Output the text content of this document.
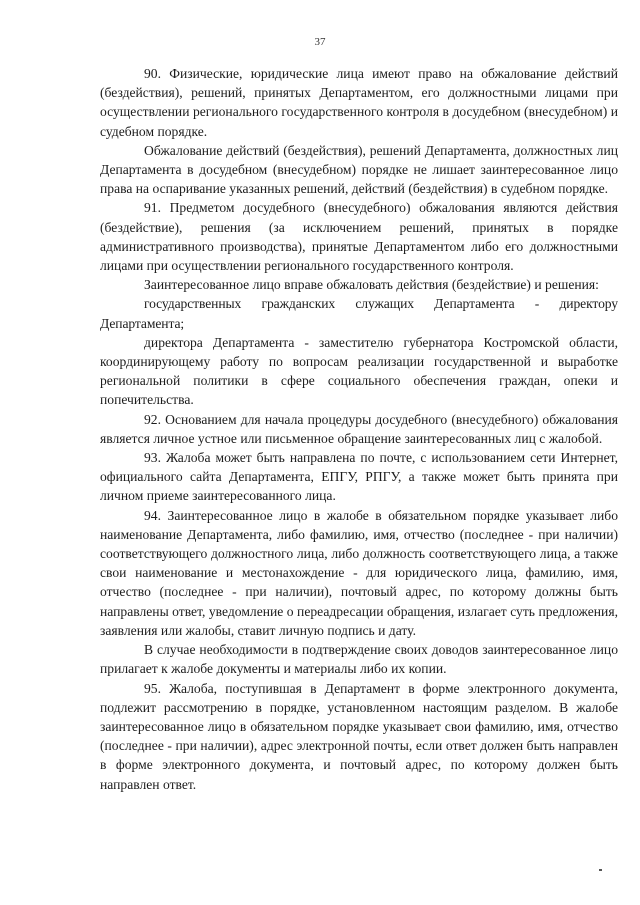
37

90. Физические, юридические лица имеют право на обжалование действий (бездействия), решений, принятых Департаментом, его должностными лицами при осуществлении регионального государственного контроля в досудебном (внесудебном) и судебном порядке.

Обжалование действий (бездействия), решений Департамента, должностных лиц Департамента в досудебном (внесудебном) порядке не лишает заинтересованное лицо права на оспаривание указанных решений, действий (бездействия) в судебном порядке.

91. Предметом досудебного (внесудебного) обжалования являются действия (бездействие), решения (за исключением решений, принятых в порядке административного производства), принятые Департаментом либо его должностными лицами при осуществлении регионального государственного контроля.

Заинтересованное лицо вправе обжаловать действия (бездействие) и решения:

государственных гражданских служащих Департамента - директору Департамента;

директора Департамента - заместителю губернатора Костромской области, координирующему работу по вопросам реализации государственной и выработке региональной политики в сфере социального обеспечения граждан, опеки и попечительства.

92. Основанием для начала процедуры досудебного (внесудебного) обжалования является личное устное или письменное обращение заинтересованных лиц с жалобой.

93. Жалоба может быть направлена по почте, с использованием сети Интернет, официального сайта Департамента, ЕПГУ, РПГУ, а также может быть принята при личном приеме заинтересованного лица.

94. Заинтересованное лицо в жалобе в обязательном порядке указывает либо наименование Департамента, либо фамилию, имя, отчество (последнее - при наличии) соответствующего должностного лица, либо должность соответствующего лица, а также свои наименование и местонахождение - для юридического лица, фамилию, имя, отчество (последнее - при наличии), почтовый адрес, по которому должны быть направлены ответ, уведомление о переадресации обращения, излагает суть предложения, заявления или жалобы, ставит личную подпись и дату.

В случае необходимости в подтверждение своих доводов заинтересованное лицо прилагает к жалобе документы и материалы либо их копии.

95. Жалоба, поступившая в Департамент в форме электронного документа, подлежит рассмотрению в порядке, установленном настоящим разделом. В жалобе заинтересованное лицо в обязательном порядке указывает свои фамилию, имя, отчество (последнее - при наличии), адрес электронной почты, если ответ должен быть направлен в форме электронного документа, и почтовый адрес, по которому должен быть направлен ответ.
